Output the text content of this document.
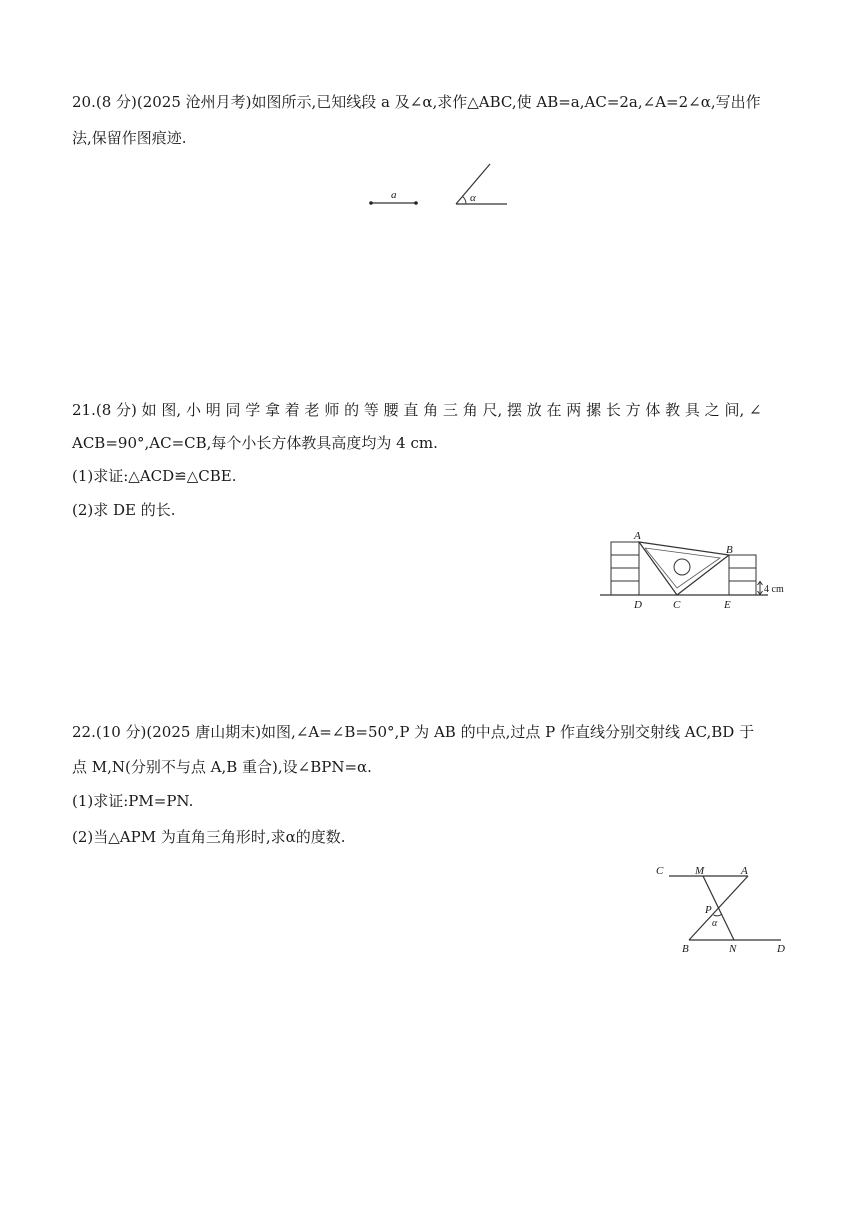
20.(8 分)(2025 沧州月考)如图所示,已知线段 a 及∠α,求作△ABC,使 AB=a,AC=2a,∠A=2∠α,写出作
法,保留作图痕迹.
a	α
21.(8 分) 如 图, 小 明 同 学 拿 着 老 师 的 等 腰 直 角 三 角 尺, 摆 放 在 两 摞 长 方 体 教 具 之 间, ∠
ACB=90°,AC=CB,每个小长方体教具高度均为 4 cm.
(1)求证:△ACD≌△CBE.
(2)求 DE 的长.
4 cm
A
B
C
D	E
22.(10 分)(2025 唐山期末)如图,∠A=∠B=50°,P 为 AB 的中点,过点 P 作直线分别交射线 AC,BD 于
点 M,N(分别不与点 A,B 重合),设∠BPN=α.
(1)求证:PM=PN.
(2)当△APM 为直角三角形时,求α的度数.
C	M	A
P
α
B	N	D
